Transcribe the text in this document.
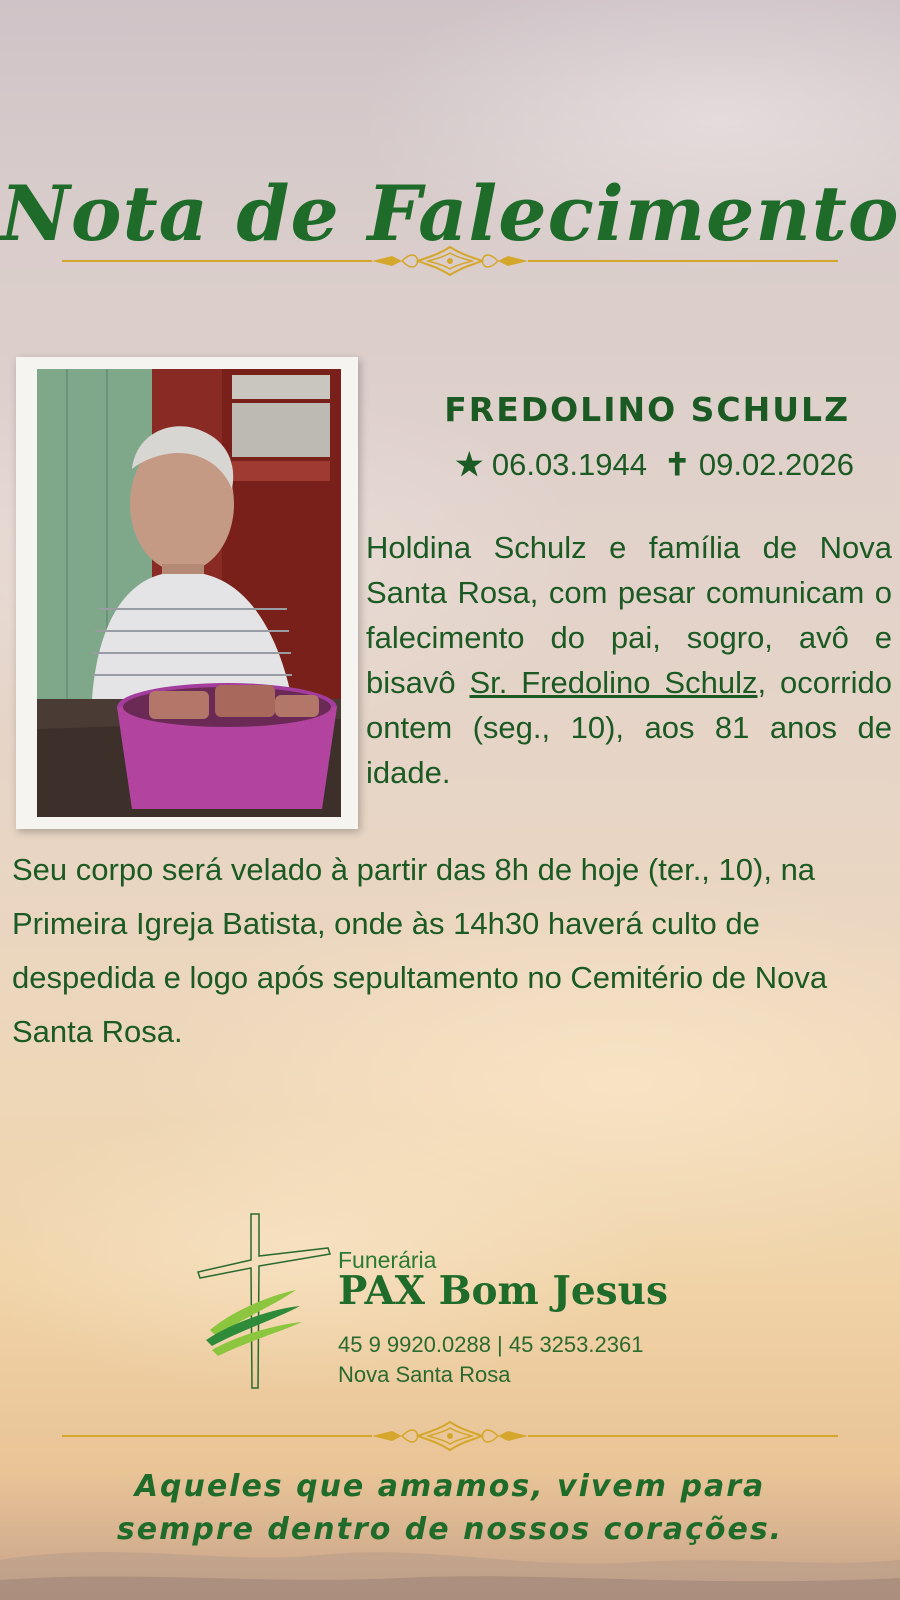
Nota de Falecimento
FREDOLINO SCHULZ
★ 06.03.1944 ✝ 09.02.2026
Holdina Schulz e família de Nova Santa Rosa, com pesar comunicam o falecimento do pai, sogro, avô e bisavô Sr. Fredolino Schulz, ocorrido ontem (seg., 10), aos 81 anos de idade.
Seu corpo será velado à partir das 8h de hoje (ter., 10), na Primeira Igreja Batista, onde às 14h30 haverá culto de despedida e logo após sepultamento no Cemitério de Nova Santa Rosa.
Funerária
PAX Bom Jesus
45 9 9920.0288 | 45 3253.2361
Nova Santa Rosa
Aqueles que amamos, vivem para
sempre dentro de nossos corações.
